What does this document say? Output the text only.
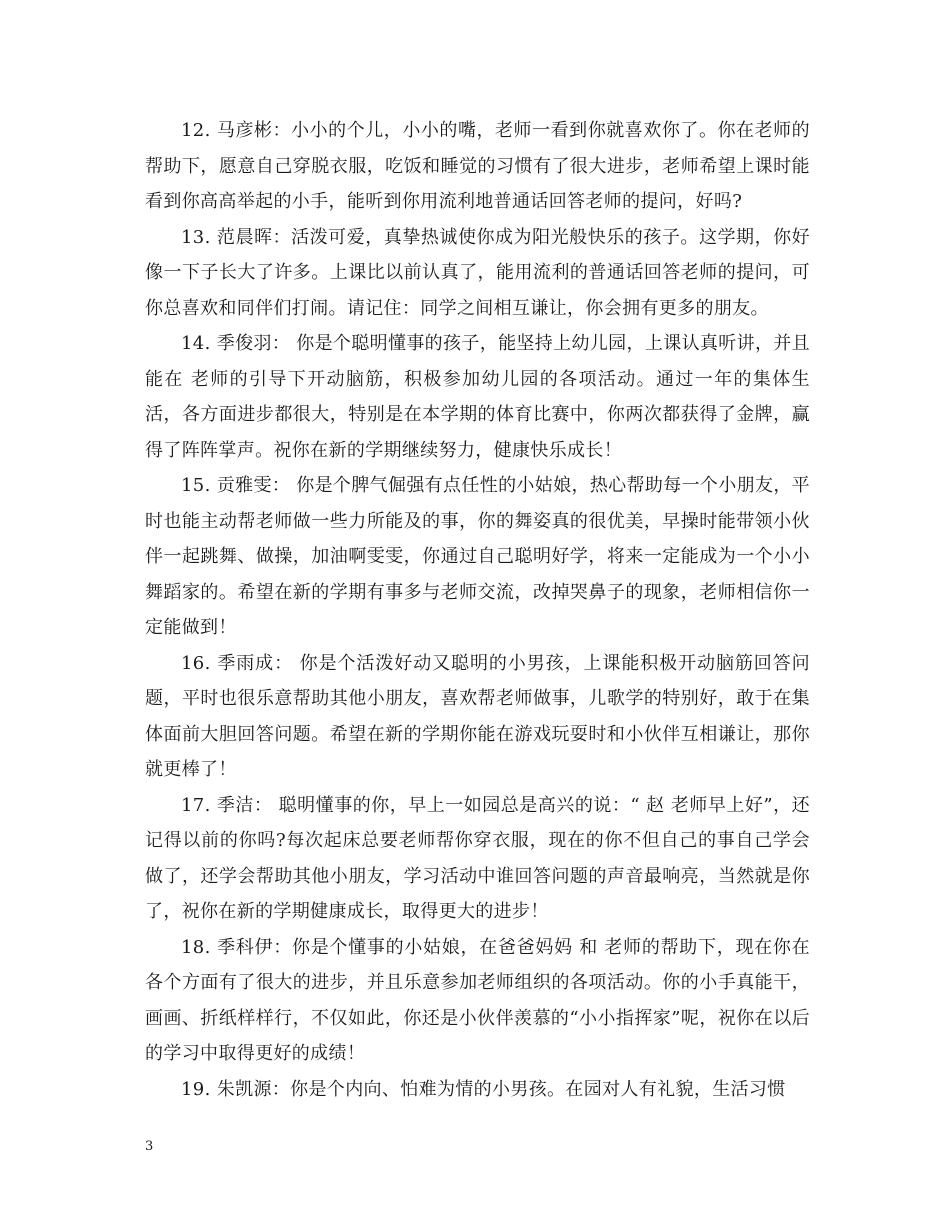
12. 马彦彬：小小的个儿，小小的嘴，老师一看到你就喜欢你了。你在老师的帮助下，愿意自己穿脱衣服，吃饭和睡觉的习惯有了很大进步，老师希望上课时能看到你高高举起的小手，能听到你用流利地普通话回答老师的提问，好吗?

13. 范晨晖：活泼可爱，真挚热诚使你成为阳光般快乐的孩子。这学期，你好像一下子长大了许多。上课比以前认真了，能用流利的普通话回答老师的提问，可你总喜欢和同伴们打闹。请记住：同学之间相互谦让，你会拥有更多的朋友。

14. 季俊羽： 你是个聪明懂事的孩子，能坚持上幼儿园，上课认真听讲，并且 能在 老师的引导下开动脑筋，积极参加幼儿园的各项活动。通过一年的集体生活，各方面进步都很大，特别是在本学期的体育比赛中，你两次都获得了金牌，赢得了阵阵掌声。祝你在新的学期继续努力，健康快乐成长！

15. 贡雅雯： 你是个脾气倔强有点任性的小姑娘，热心帮助每一个小朋友，平时也能主动帮老师做一些力所能及的事，你的舞姿真的很优美，早操时能带领小伙伴一起跳舞、做操，加油啊雯雯，你通过自己聪明好学，将来一定能成为一个小小舞蹈家的。希望在新的学期有事多与老师交流，改掉哭鼻子的现象，老师相信你一定能做到！

16. 季雨成： 你是个活泼好动又聪明的小男孩，上课能积极开动脑筋回答问题，平时也很乐意帮助其他小朋友，喜欢帮老师做事，儿歌学的特别好，敢于在集体面前大胆回答问题。希望在新的学期你能在游戏玩耍时和小伙伴互相谦让，那你就更棒了！

17. 季洁： 聪明懂事的你，早上一如园总是高兴的说：“ 赵 老师早上好”，还记得以前的你吗?每次起床总要老师帮你穿衣服，现在的你不但自己的事自己学会做了，还学会帮助其他小朋友，学习活动中谁回答问题的声音最响亮，当然就是你了，祝你在新的学期健康成长，取得更大的进步！

18. 季科伊：你是个懂事的小姑娘，在爸爸妈妈 和 老师的帮助下，现在你在各个方面有了很大的进步，并且乐意参加老师组织的各项活动。你的小手真能干，画画、折纸样样行，不仅如此，你还是小伙伴羡慕的“小小指挥家”呢，祝你在以后的学习中取得更好的成绩！

19. 朱凯源：你是个内向、怕难为情的小男孩。在园对人有礼貌，生活习惯

3
